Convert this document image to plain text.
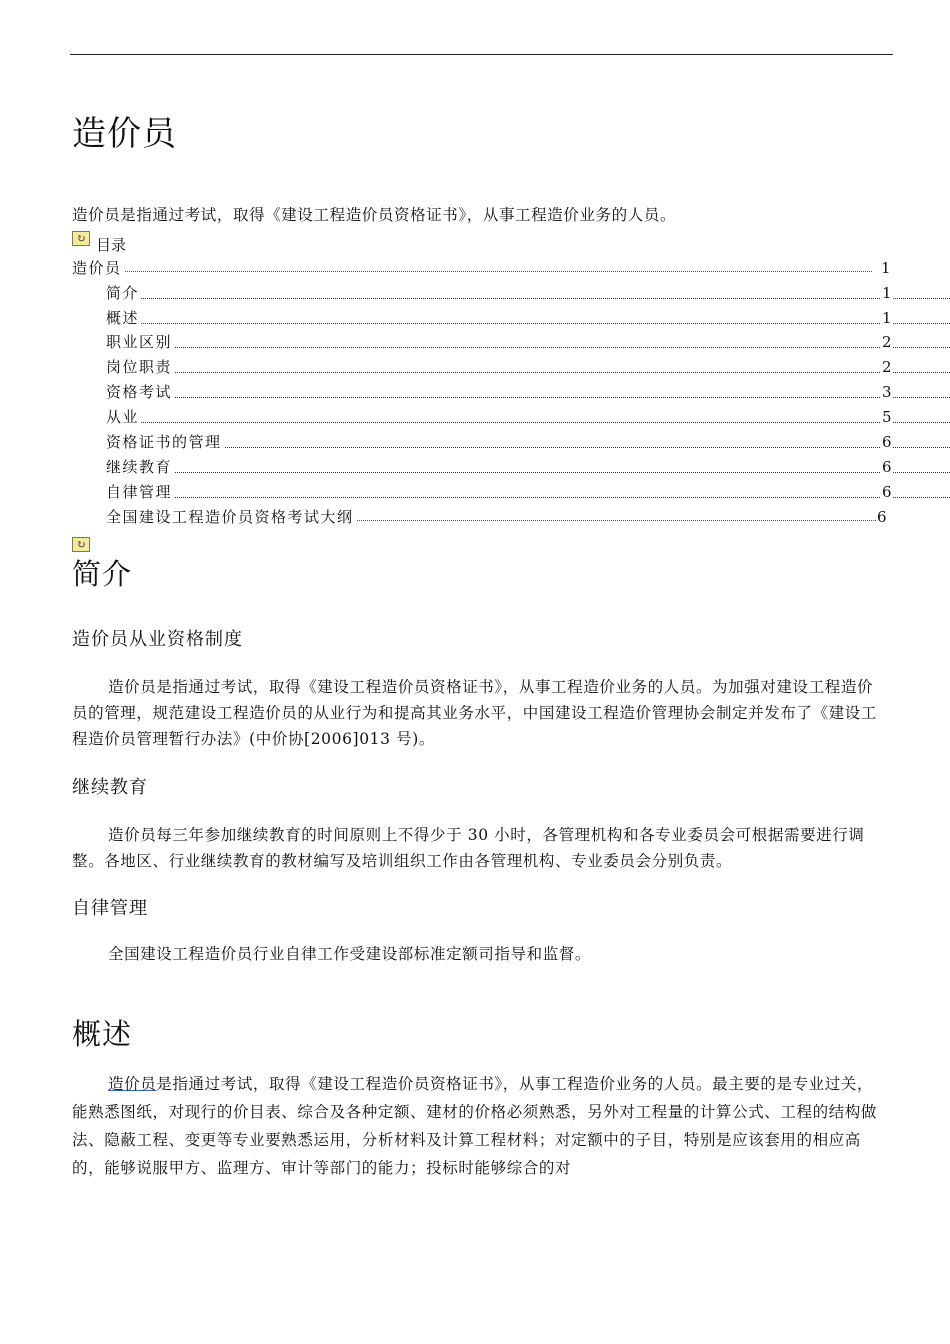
造价员
造价员是指通过考试，取得《建设工程造价员资格证书》，从事工程造价业务的人员。
↻ 目录
造价员	1
简介	1
概述	1
职业区别	2
岗位职责	2
资格考试	3
从业	5
资格证书的管理	6
继续教育	6
自律管理	6
全国建设工程造价员资格考试大纲	6
↻
简介
造价员从业资格制度
造价员是指通过考试，取得《建设工程造价员资格证书》，从事工程造价业务的人员。为加强对建设工程造价员的管理，规范建设工程造价员的从业行为和提高其业务水平，中国建设工程造价管理协会制定并发布了《建设工程造价员管理暂行办法》(中价协[2006]013 号)。
继续教育
造价员每三年参加继续教育的时间原则上不得少于 30 小时，各管理机构和各专业委员会可根据需要进行调整。各地区、行业继续教育的教材编写及培训组织工作由各管理机构、专业委员会分别负责。
自律管理
全国建设工程造价员行业自律工作受建设部标准定额司指导和监督。
概述
造价员是指通过考试，取得《建设工程造价员资格证书》，从事工程造价业务的人员。最主要的是专业过关，能熟悉图纸，对现行的价目表、综合及各种定额、建材的价格必须熟悉，另外对工程量的计算公式、工程的结构做法、隐蔽工程、变更等专业要熟悉运用，分析材料及计算工程材料；对定额中的子目，特别是应该套用的相应高的，能够说服甲方、监理方、审计等部门的能力；投标时能够综合的对
